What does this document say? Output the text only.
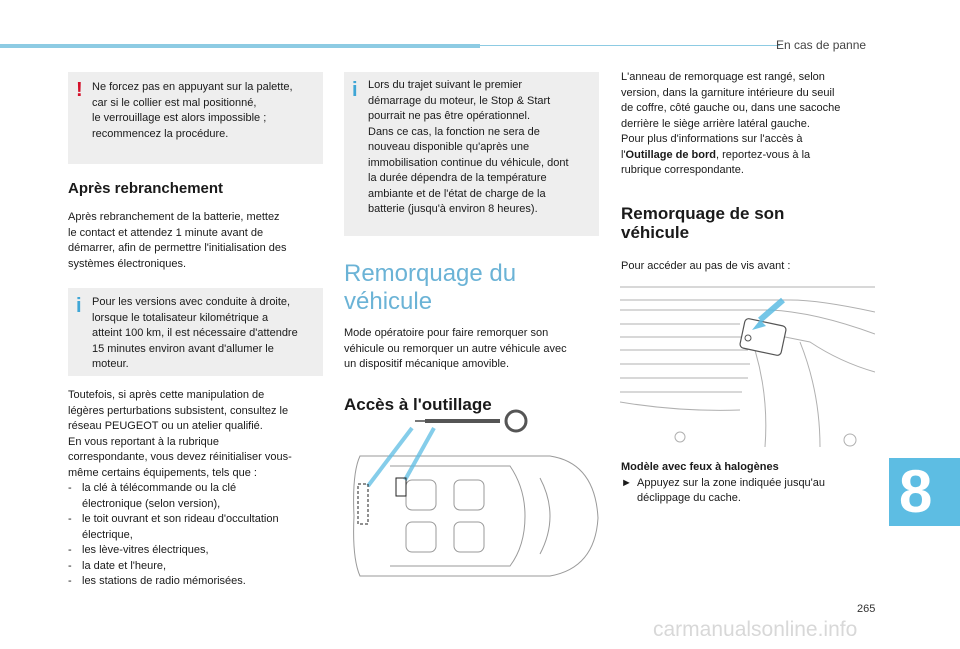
En cas de panne
! Ne forcez pas en appuyant sur la palette,
car si le collier est mal positionné,
le verrouillage est alors impossible ;
recommencez la procédure.
Après rebranchement
Après rebranchement de la batterie, mettez
le contact et attendez 1 minute avant de
démarrer, afin de permettre l'initialisation des
systèmes électroniques.
i Pour les versions avec conduite à droite,
lorsque le totalisateur kilométrique a
atteint 100 km, il est nécessaire d'attendre
15 minutes environ avant d'allumer le
moteur.
Toutefois, si après cette manipulation de
légères perturbations subsistent, consultez le
réseau PEUGEOT ou un atelier qualifié.
En vous reportant à la rubrique
correspondante, vous devez réinitialiser vous-
même certains équipements, tels que :
- la clé à télécommande ou la clé
électronique (selon version),
- le toit ouvrant et son rideau d'occultation
électrique,
- les lève-vitres électriques,
- la date et l'heure,
- les stations de radio mémorisées.
i Lors du trajet suivant le premier
démarrage du moteur, le Stop & Start
pourrait ne pas être opérationnel.
Dans ce cas, la fonction ne sera de
nouveau disponible qu'après une
immobilisation continue du véhicule, dont
la durée dépendra de la température
ambiante et de l'état de charge de la
batterie (jusqu'à environ 8 heures).
Remorquage du véhicule
Mode opératoire pour faire remorquer son
véhicule ou remorquer un autre véhicule avec
un dispositif mécanique amovible.
Accès à l'outillage
L'anneau de remorquage est rangé, selon
version, dans la garniture intérieure du seuil
de coffre, côté gauche ou, dans une sacoche
derrière le siège arrière latéral gauche.
Pour plus d'informations sur l'accès à
l'Outillage de bord, reportez-vous à la
rubrique correspondante.
Remorquage de son
véhicule
Pour accéder au pas de vis avant :
Modèle avec feux à halogènes
► Appuyez sur la zone indiquée jusqu'au
déclippage du cache.	8
265
carmanualsonline.info
